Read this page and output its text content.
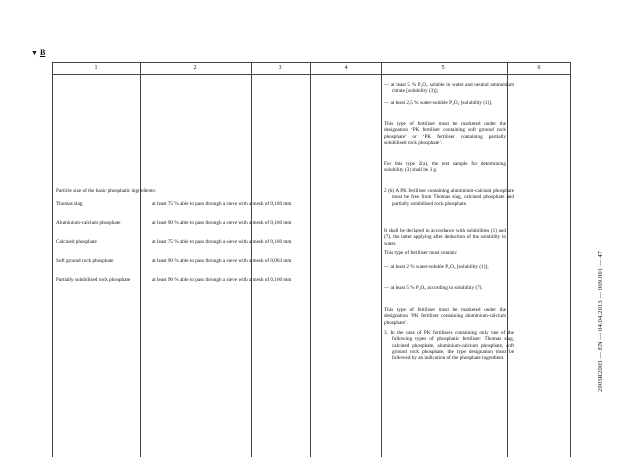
▼ B
1	2	3	4	5	6
— at least 5 % P₂O₅ soluble in water and neutral ammonium citrate [solubility (3)];
— at least 2,5 % water-soluble P₂O₅ [solubility (1)].
This type of fertiliser must be marketed under the designation ‘PK fertiliser containing soft ground rock phosphate’ or ‘PK fertiliser containing partially solubilised rock phosphate’.
For this type 2(a), the test sample for determining solubility (3) shall be 3 g.
Particle size of the basic phosphatic ingredients:
Thomas slag	at least 75 % able to pass through a sieve with a mesh of 0,160 mm
Aluminium-calcium phosphate	at least 90 % able to pass through a sieve with a mesh of 0,160 mm
Calcined phosphate	at least 75 % able to pass through a sieve with a mesh of 0,160 mm
Soft ground rock phosphate	at least 90 % able to pass through a sieve with a mesh of 0,063 mm
Partially solubilised rock phosphate	at least 90 % able to pass through a sieve with a mesh of 0,160 mm
2 (b) A PK fertiliser containing aluminium-calcium phosphate must be free from Thomas slag, calcined phosphate and partially solubilised rock phosphate.
It shall be declared in accordance with solubilities (1) and (7), the latter applying after deduction of the solubility in water.
This type of fertiliser must contain:
— at least 2 % water-soluble P₂O₅ [solubility (1)];
— at least 5 % P₂O₅ according to solubility (7).
This type of fertiliser must be marketed under the designation ‘PK fertiliser containing aluminium-calcium phosphate’.
3. In the case of PK fertilisers containing only one of the following types of phosphatic fertiliser: Thomas slag, calcined phosphate, aluminium-calcium phosphate, soft ground rock phosphate, the type designation must be followed by an indication of the phosphate ingredient.	2003R2003 — EN — 04.04.2013 — 009.001 — 47
